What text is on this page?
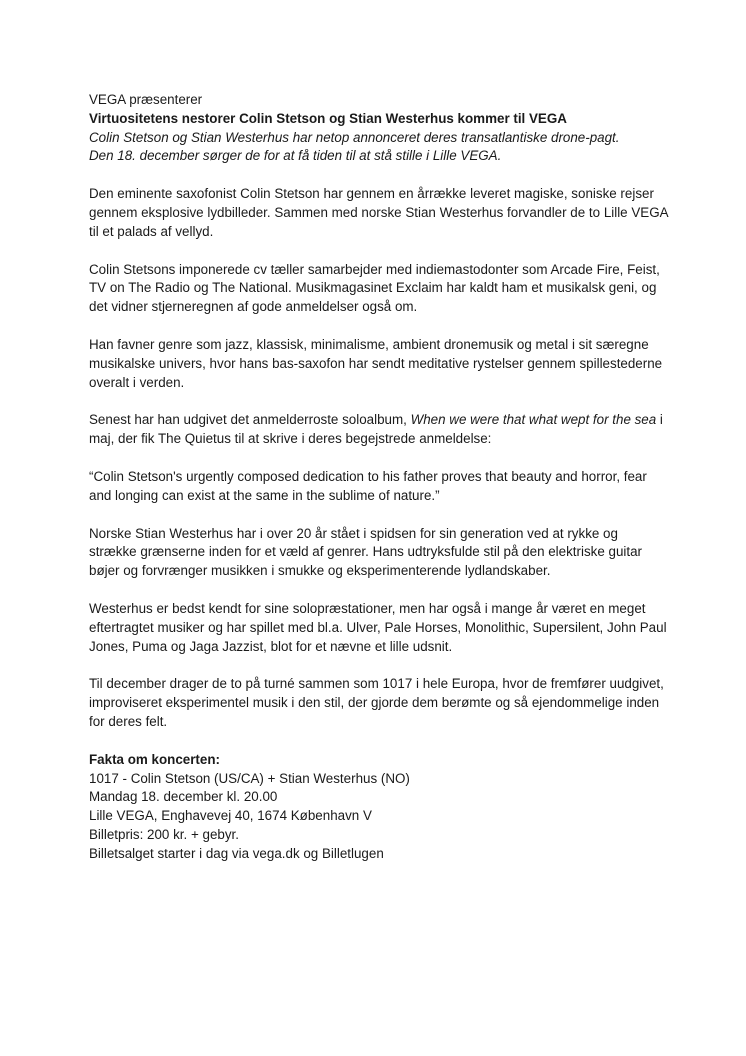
VEGA præsenterer

Virtuositetens nestorer Colin Stetson og Stian Westerhus kommer til VEGA

Colin Stetson og Stian Westerhus har netop annonceret deres transatlantiske drone-pagt.

Den 18. december sørger de for at få tiden til at stå stille i Lille VEGA.

Den eminente saxofonist Colin Stetson har gennem en årrække leveret magiske, soniske rejser gennem eksplosive lydbilleder. Sammen med norske Stian Westerhus forvandler de to Lille VEGA til et palads af vellyd.

Colin Stetsons imponerede cv tæller samarbejder med indiemastodonter som Arcade Fire, Feist, TV on The Radio og The National. Musikmagasinet Exclaim har kaldt ham et musikalsk geni, og det vidner stjerneregnen af gode anmeldelser også om.

Han favner genre som jazz, klassisk, minimalisme, ambient dronemusik og metal i sit særegne musikalske univers, hvor hans bas-saxofon har sendt meditative rystelser gennem spillestederne overalt i verden.

Senest har han udgivet det anmelderroste soloalbum, When we were that what wept for the sea i maj, der fik The Quietus til at skrive i deres begejstrede anmeldelse:

“Colin Stetson's urgently composed dedication to his father proves that beauty and horror, fear and longing can exist at the same in the sublime of nature.”

Norske Stian Westerhus har i over 20 år stået i spidsen for sin generation ved at rykke og strække grænserne inden for et væld af genrer. Hans udtryksfulde stil på den elektriske guitar bøjer og forvrænger musikken i smukke og eksperimenterende lydlandskaber.

Westerhus er bedst kendt for sine solopræstationer, men har også i mange år været en meget eftertragtet musiker og har spillet med bl.a. Ulver, Pale Horses, Monolithic, Supersilent, John Paul Jones, Puma og Jaga Jazzist, blot for et nævne et lille udsnit.

Til december drager de to på turné sammen som 1017 i hele Europa, hvor de fremfører uudgivet, improviseret eksperimentel musik i den stil, der gjorde dem berømte og så ejendommelige inden for deres felt.

Fakta om koncerten:

1017 - Colin Stetson (US/CA) + Stian Westerhus (NO)

Mandag 18. december kl. 20.00

Lille VEGA, Enghavevej 40, 1674 København V

Billetpris: 200 kr. + gebyr.

Billetsalget starter i dag via vega.dk og Billetlugen
